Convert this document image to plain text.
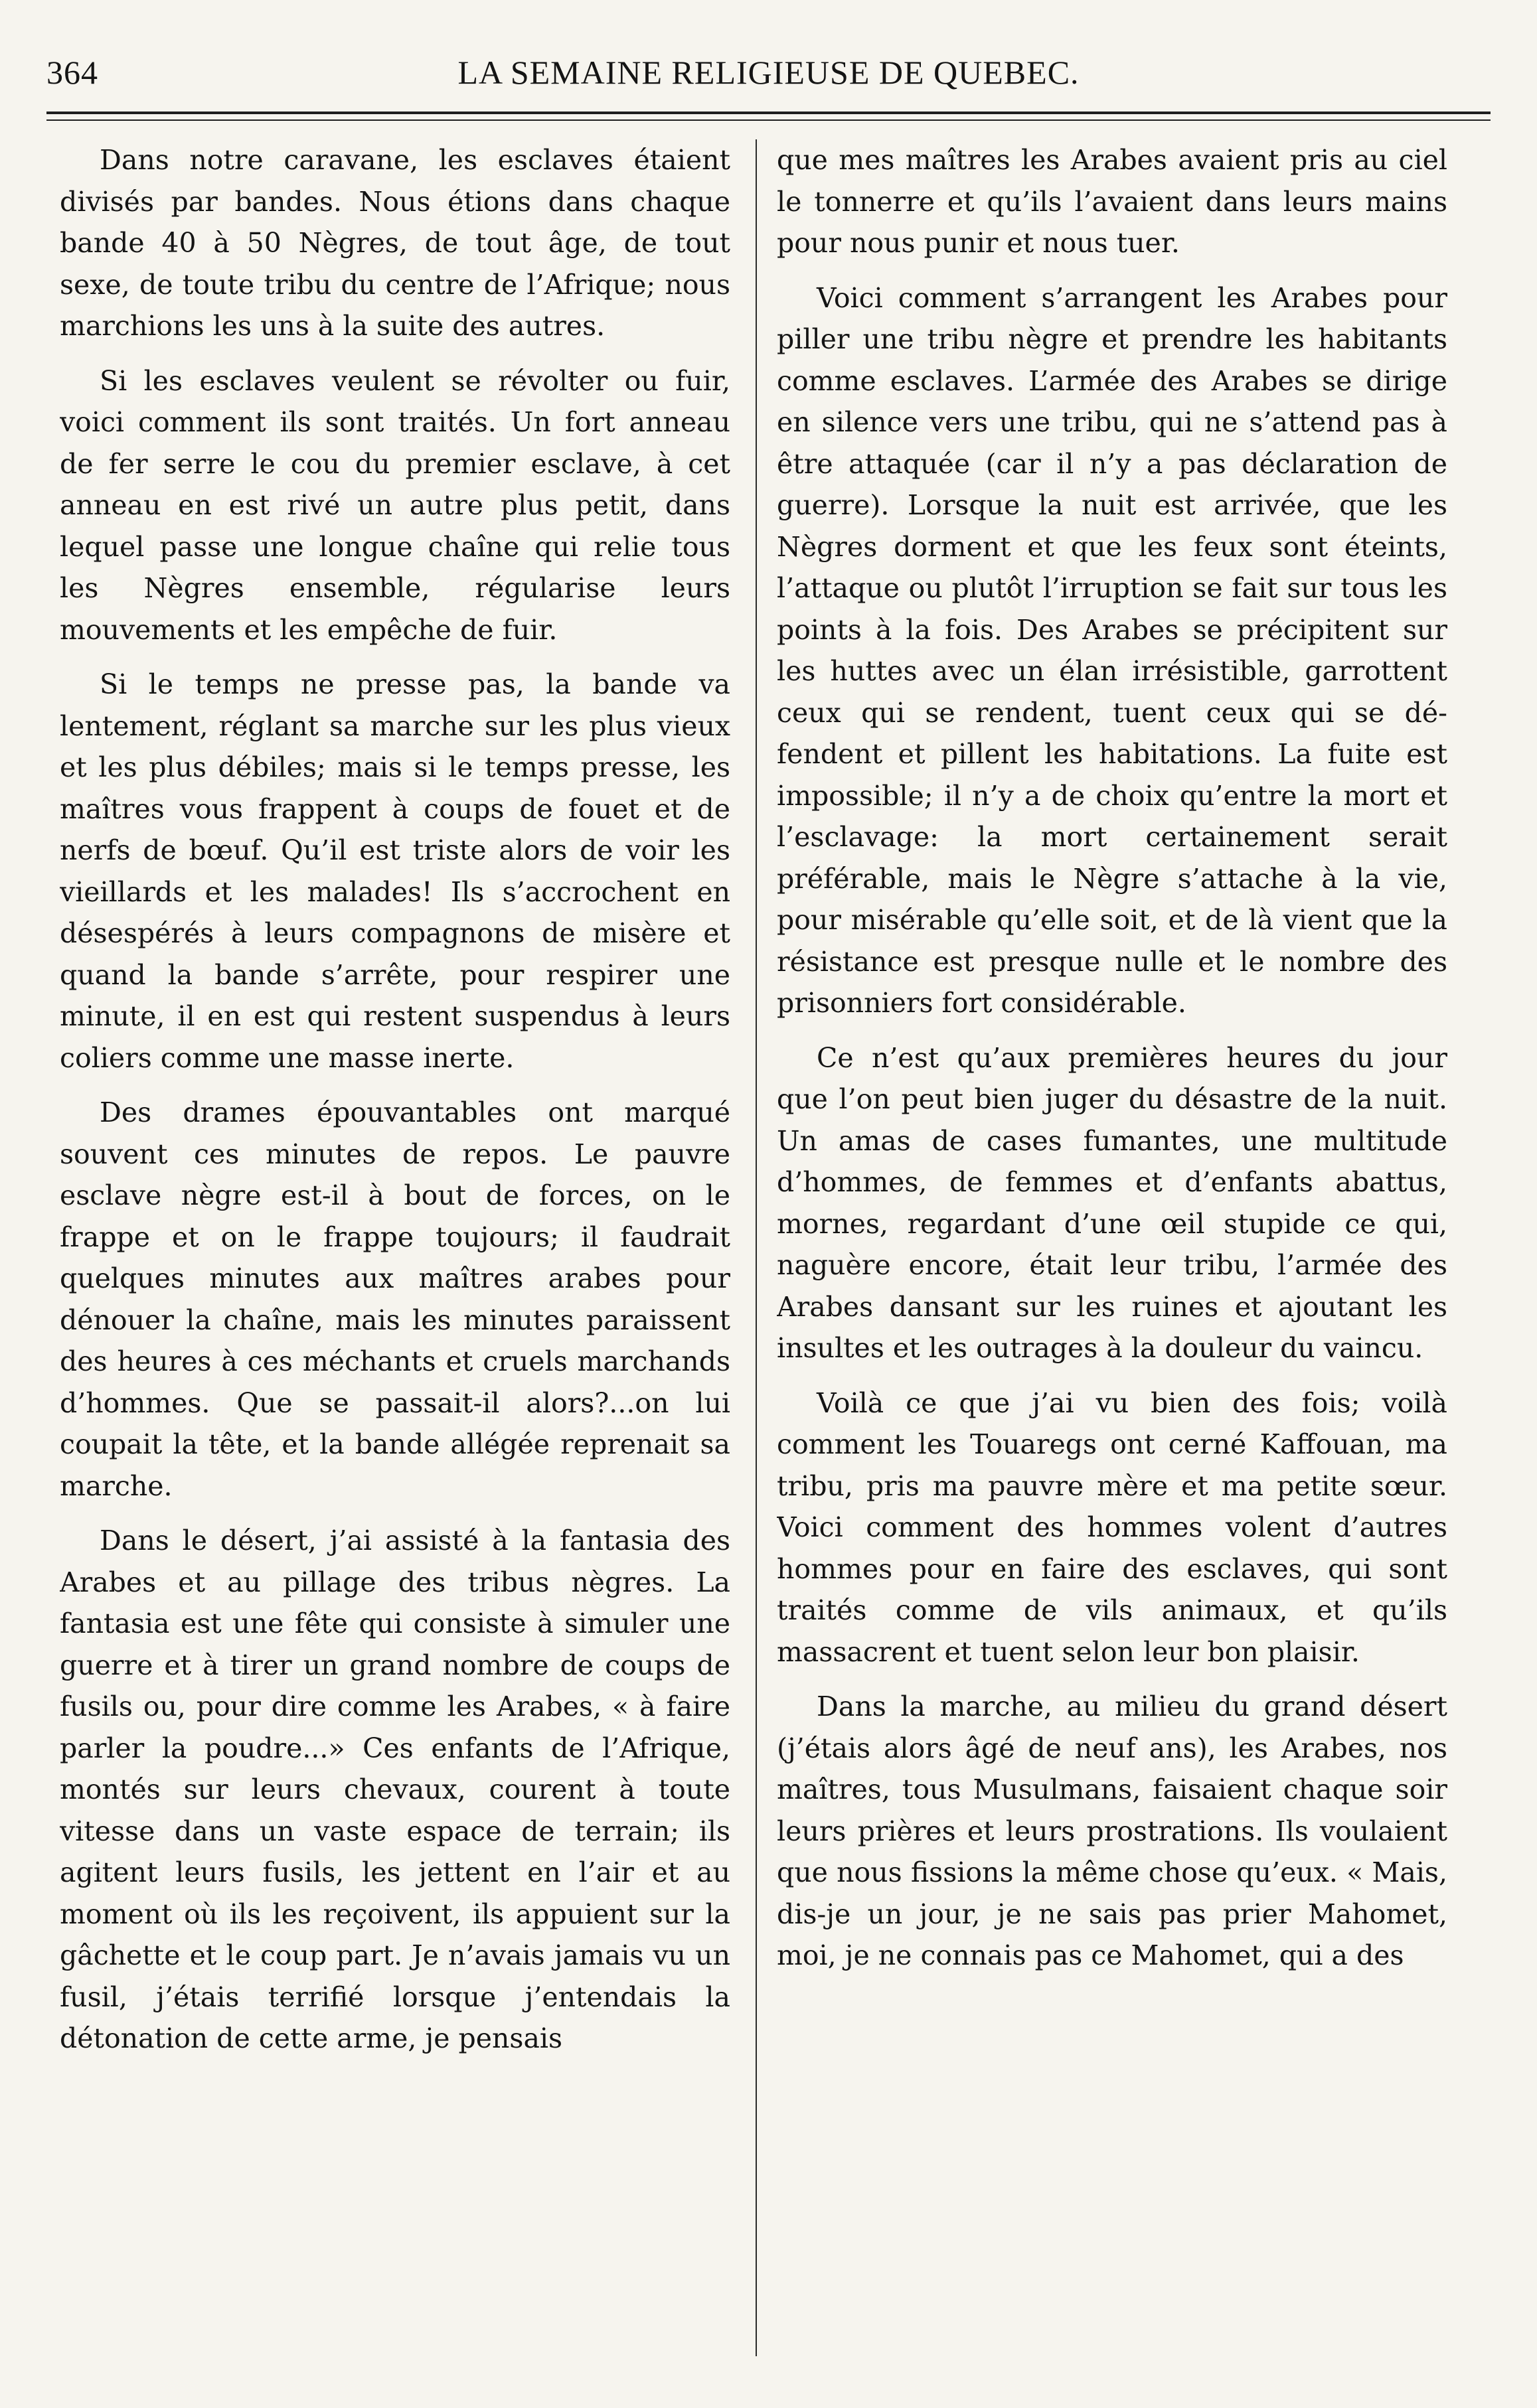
364	LA SEMAINE RELIGIEUSE DE QUEBEC.

Dans notre caravane, les esclaves étaient divisés par bandes. Nous étions dans chaque bande 40 à 50 Nègres, de tout âge, de tout sexe, de toute tribu du centre de l’Afrique; nous marchions les uns à la suite des autres.

Si les esclaves veulent se révolter ou fuir, voici comment ils sont traités. Un fort anneau de fer serre le cou du premier esclave, à cet anneau en est rivé un autre plus petit, dans lequel passe une longue chaîne qui relie tous les Nègres ensemble, régularise leurs mouvements et les empêche de fuir.

Si le temps ne presse pas, la bande va lentement, réglant sa marche sur les plus vieux et les plus débiles; mais si le temps presse, les maîtres vous frappent à coups de fouet et de nerfs de bœuf. Qu’il est triste alors de voir les vieillards et les malades! Ils s’accrochent en désespérés à leurs compagnons de misère et quand la bande s’arrête, pour respirer une minute, il en est qui restent suspendus à leurs coliers comme une masse inerte.

Des drames épouvantables ont marqué souvent ces minutes de repos. Le pauvre esclave nègre est-il à bout de forces, on le frappe et on le frappe toujours; il faudrait quelques minutes aux maîtres arabes pour dénouer la chaîne, mais les minutes paraissent des heures à ces méchants et cruels marchands d’hommes. Que se passait-il alors?...on lui coupait la tête, et la bande allégée reprenait sa marche.

Dans le désert, j’ai assisté à la fantasia des Arabes et au pillage des tribus nègres. La fantasia est une fête qui consiste à simuler une guerre et à tirer un grand nombre de coups de fusils ou, pour dire comme les Arabes, « à faire parler la poudre...» Ces enfants de l’Afrique, montés sur leurs chevaux, courent à toute vitesse dans un vaste espace de terrain; ils agitent leurs fusils, les jettent en l’air et au moment où ils les reçoivent, ils appuient sur la gâchette et le coup part. Je n’avais jamais vu un fusil, j’étais terrifié lorsque j’entendais la détonation de cette arme, je pensais

que mes maîtres les Arabes avaient pris au ciel le tonnerre et qu’ils l’avaient dans leurs mains pour nous punir et nous tuer.

Voici comment s’arrangent les Arabes pour piller une tribu nègre et prendre les habitants comme esclaves. L’armée des Arabes se dirige en silence vers une tribu, qui ne s’attend pas à être attaquée (car il n’y a pas déclaration de guerre). Lorsque la nuit est arrivée, que les Nègres dorment et que les feux sont éteints, l’attaque ou plutôt l’irruption se fait sur tous les points à la fois. Des Arabes se précipitent sur les huttes avec un élan irrésistible, garrottent ceux qui se rendent, tuent ceux qui se défendent et pillent les habitations. La fuite est impossible; il n’y a de choix qu’entre la mort et l’esclavage: la mort certainement serait préférable, mais le Nègre s’attache à la vie, pour misérable qu’elle soit, et de là vient que la résistance est presque nulle et le nombre des prisonniers fort considérable.

Ce n’est qu’aux premières heures du jour que l’on peut bien juger du désastre de la nuit. Un amas de cases fumantes, une multitude d’hommes, de femmes et d’enfants abattus, mornes, regardant d’une œil stupide ce qui, naguère encore, était leur tribu, l’armée des Arabes dansant sur les ruines et ajoutant les insultes et les outrages à la douleur du vaincu.

Voilà ce que j’ai vu bien des fois; voilà comment les Touaregs ont cerné Kaffouan, ma tribu, pris ma pauvre mère et ma petite sœur. Voici comment des hommes volent d’autres hommes pour en faire des esclaves, qui sont traités comme de vils animaux, et qu’ils massacrent et tuent selon leur bon plaisir.

Dans la marche, au milieu du grand désert (j’étais alors âgé de neuf ans), les Arabes, nos maîtres, tous Musulmans, faisaient chaque soir leurs prières et leurs prostrations. Ils voulaient que nous fissions la même chose qu’eux. « Mais, dis-je un jour, je ne sais pas prier Mahomet, moi, je ne connais pas ce Mahomet, qui a des
